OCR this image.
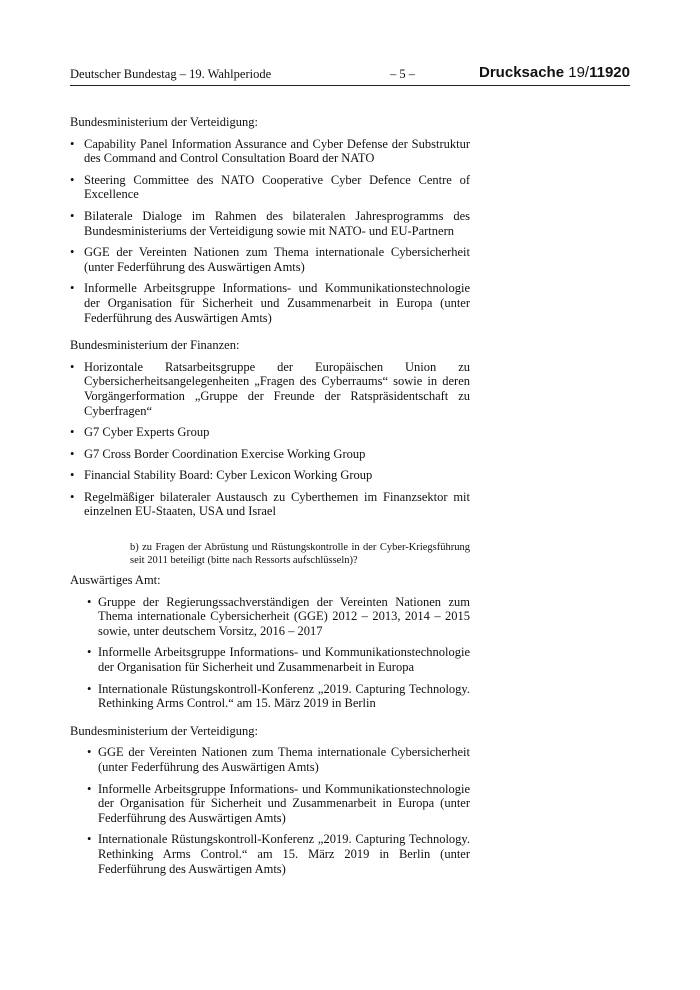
Deutscher Bundestag – 19. Wahlperiode	– 5 –	Drucksache 19/11920

Bundesministerium der Verteidigung:

• Capability Panel Information Assurance and Cyber Defense der Substruktur des Command and Control Consultation Board der NATO
• Steering Committee des NATO Cooperative Cyber Defence Centre of Excellence
• Bilaterale Dialoge im Rahmen des bilateralen Jahresprogramms des Bundesministeriums der Verteidigung sowie mit NATO- und EU-Partnern
• GGE der Vereinten Nationen zum Thema internationale Cybersicherheit (unter Federführung des Auswärtigen Amts)
• Informelle Arbeitsgruppe Informations- und Kommunikationstechnologie der Organisation für Sicherheit und Zusammenarbeit in Europa (unter Federführung des Auswärtigen Amts)

Bundesministerium der Finanzen:

• Horizontale Ratsarbeitsgruppe der Europäischen Union zu Cybersicherheitsangelegenheiten „Fragen des Cyberraums“ sowie in deren Vorgängerformation „Gruppe der Freunde der Ratspräsidentschaft zu Cyberfragen“
• G7 Cyber Experts Group
• G7 Cross Border Coordination Exercise Working Group
• Financial Stability Board: Cyber Lexicon Working Group
• Regelmäßiger bilateraler Austausch zu Cyberthemen im Finanzsektor mit einzelnen EU-Staaten, USA und Israel

b) zu Fragen der Abrüstung und Rüstungskontrolle in der Cyber-Kriegsführung seit 2011 beteiligt (bitte nach Ressorts aufschlüsseln)?

Auswärtiges Amt:

• Gruppe der Regierungssachverständigen der Vereinten Nationen zum Thema internationale Cybersicherheit (GGE) 2012 – 2013, 2014 – 2015 sowie, unter deutschem Vorsitz, 2016 – 2017
• Informelle Arbeitsgruppe Informations- und Kommunikationstechnologie der Organisation für Sicherheit und Zusammenarbeit in Europa
• Internationale Rüstungskontroll-Konferenz „2019. Capturing Technology. Rethinking Arms Control.“ am 15. März 2019 in Berlin

Bundesministerium der Verteidigung:

• GGE der Vereinten Nationen zum Thema internationale Cybersicherheit (unter Federführung des Auswärtigen Amts)
• Informelle Arbeitsgruppe Informations- und Kommunikationstechnologie der Organisation für Sicherheit und Zusammenarbeit in Europa (unter Federführung des Auswärtigen Amts)
• Internationale Rüstungskontroll-Konferenz „2019. Capturing Technology. Rethinking Arms Control.“ am 15. März 2019 in Berlin (unter Federführung des Auswärtigen Amts)
